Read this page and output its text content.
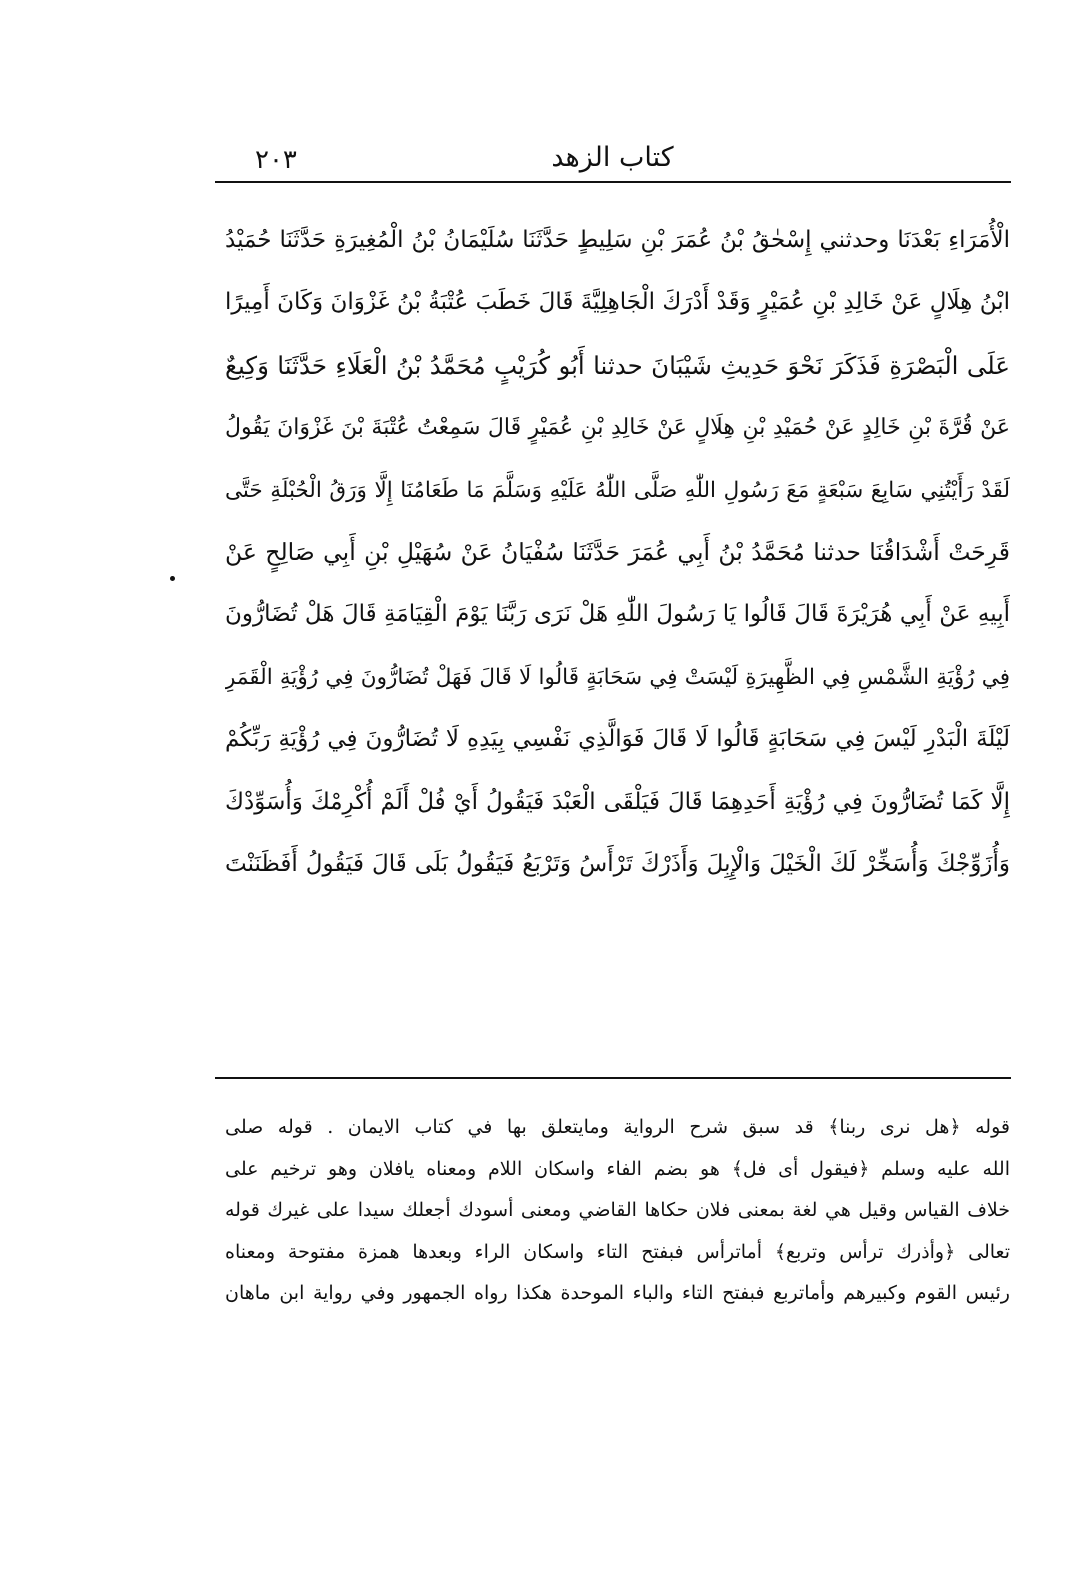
كتاب الزهد
٢٠٣
الْأُمَرَاءِ بَعْدَنَا وحدثني إِسْحٰقُ بْنُ عُمَرَ بْنِ سَلِيطٍ حَدَّثَنَا سُلَيْمَانُ بْنُ الْمُغِيرَةِ حَدَّثَنَا حُمَيْدُ
ابْنُ هِلَالٍ عَنْ خَالِدِ بْنِ عُمَيْرٍ وَقَدْ أَدْرَكَ الْجَاهِلِيَّةَ قَالَ خَطَبَ عُتْبَةُ بْنُ غَزْوَانَ وَكَانَ أَمِيرًا
عَلَى الْبَصْرَةِ فَذَكَرَ نَحْوَ حَدِيثِ شَيْبَانَ حدثنا أَبُو كُرَيْبٍ مُحَمَّدُ بْنُ الْعَلَاءِ حَدَّثَنَا وَكِيعٌ
عَنْ قُرَّةَ بْنِ خَالِدٍ عَنْ حُمَيْدِ بْنِ هِلَالٍ عَنْ خَالِدِ بْنِ عُمَيْرٍ قَالَ سَمِعْتُ عُتْبَةَ بْنَ غَزْوَانَ يَقُولُ
لَقَدْ رَأَيْتُنِي سَابِعَ سَبْعَةٍ مَعَ رَسُولِ اللّٰهِ صَلَّى اللّٰهُ عَلَيْهِ وَسَلَّمَ مَا طَعَامُنَا إِلَّا وَرَقُ الْحُبْلَةِ حَتَّى
قَرِحَتْ أَشْدَاقُنَا حدثنا مُحَمَّدُ بْنُ أَبِي عُمَرَ حَدَّثَنَا سُفْيَانُ عَنْ سُهَيْلِ بْنِ أَبِي صَالِحٍ عَنْ
أَبِيهِ عَنْ أَبِي هُرَيْرَةَ قَالَ قَالُوا يَا رَسُولَ اللّٰهِ هَلْ نَرَى رَبَّنَا يَوْمَ الْقِيَامَةِ قَالَ هَلْ تُضَارُّونَ
فِي رُؤْيَةِ الشَّمْسِ فِي الظَّهِيرَةِ لَيْسَتْ فِي سَحَابَةٍ قَالُوا لَا قَالَ فَهَلْ تُضَارُّونَ فِي رُؤْيَةِ الْقَمَرِ
لَيْلَةَ الْبَدْرِ لَيْسَ فِي سَحَابَةٍ قَالُوا لَا قَالَ فَوَالَّذِي نَفْسِي بِيَدِهِ لَا تُضَارُّونَ فِي رُؤْيَةِ رَبِّكُمْ
إِلَّا كَمَا تُضَارُّونَ فِي رُؤْيَةِ أَحَدِهِمَا قَالَ فَيَلْقَى الْعَبْدَ فَيَقُولُ أَيْ فُلْ أَلَمْ أُكْرِمْكَ وَأُسَوِّدْكَ
وَأُزَوِّجْكَ وَأُسَخِّرْ لَكَ الْخَيْلَ وَالْإِبِلَ وَأَذَرْكَ تَرْأَسُ وَتَرْبَعُ فَيَقُولُ بَلَى قَالَ فَيَقُولُ أَفَظَنَنْتَ
قوله ﴿هل نرى ربنا﴾ قد سبق شرح الرواية ومايتعلق بها في كتاب الايمان . قوله صلى
الله عليه وسلم ﴿فيقول أى فل﴾ هو بضم الفاء واسكان اللام ومعناه يافلان وهو ترخيم على
خلاف القياس وقيل هي لغة بمعنى فلان حكاها القاضي ومعنى أسودك أجعلك سيدا على غيرك قوله
تعالى ﴿وأذرك ترأس وتربع﴾ أماترأس فبفتح التاء واسكان الراء وبعدها همزة مفتوحة ومعناه
رئيس القوم وكبيرهم وأماتربع فبفتح التاء والباء الموحدة هكذا رواه الجمهور وفي رواية ابن ماهان
